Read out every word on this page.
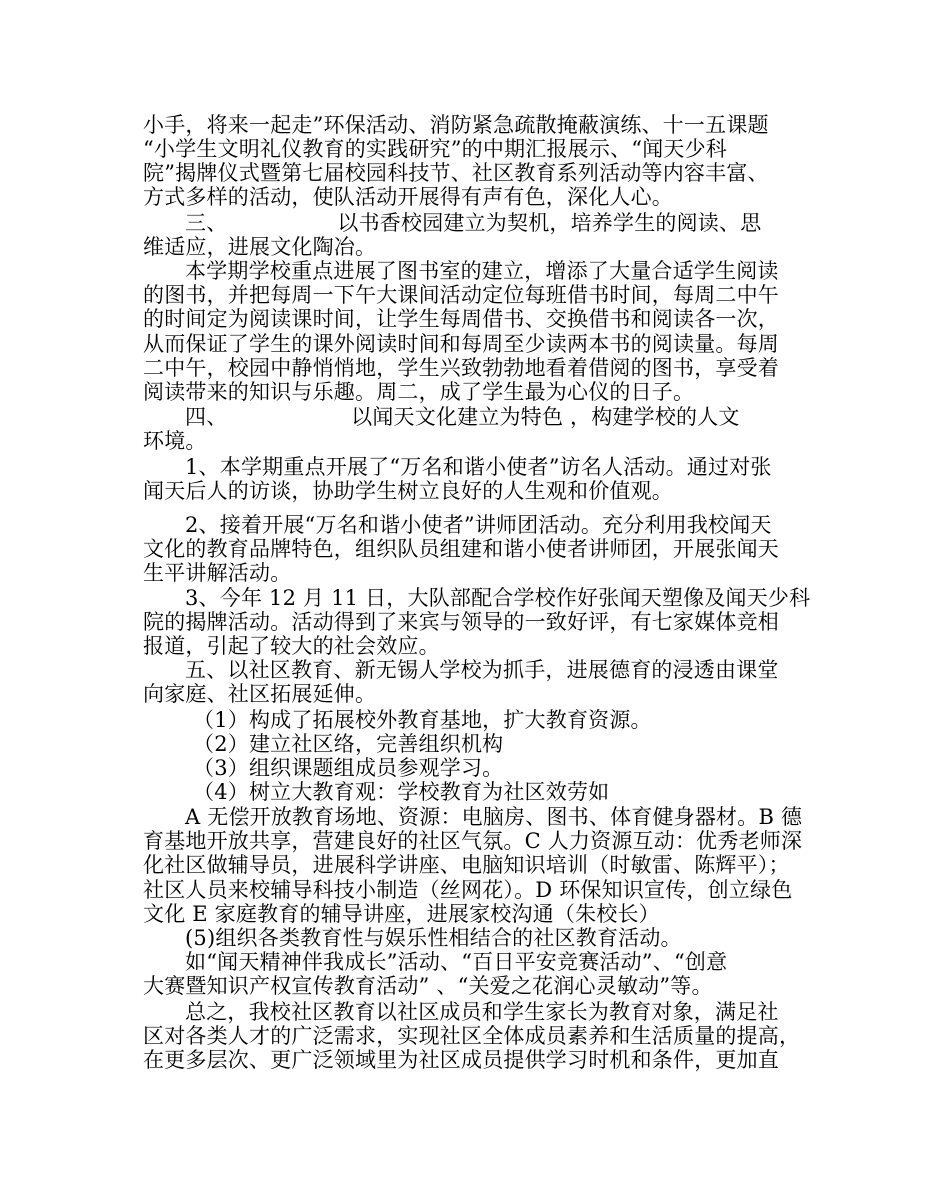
小手，将来一起走”环保活动、消防紧急疏散掩蔽演练、十一五课题
“小学生文明礼仪教育的实践研究”的中期汇报展示、“闻天少科
院”揭牌仪式暨第七届校园科技节、社区教育系列活动等内容丰富、
方式多样的活动，使队活动开展得有声有色，深化人心。
三、                以书香校园建立为契机，培养学生的阅读、思
维适应，进展文化陶冶。
本学期学校重点进展了图书室的建立，增添了大量合适学生阅读
的图书，并把每周一下午大课间活动定位每班借书时间，每周二中午
的时间定为阅读课时间，让学生每周借书、交换借书和阅读各一次，
从而保证了学生的课外阅读时间和每周至少读两本书的阅读量。每周
二中午，校园中静悄悄地，学生兴致勃勃地看着借阅的图书，享受着
阅读带来的知识与乐趣。周二，成了学生最为心仪的日子。
四、                  以闻天文化建立为特色 ，构建学校的人文
环境。
1、本学期重点开展了“万名和谐小使者”访名人活动。通过对张
闻天后人的访谈，协助学生树立良好的人生观和价值观。
2、接着开展“万名和谐小使者”讲师团活动。充分利用我校闻天
文化的教育品牌特色，组织队员组建和谐小使者讲师团，开展张闻天
生平讲解活动。
3、今年 12 月 11 日，大队部配合学校作好张闻天塑像及闻天少科
院的揭牌活动。活动得到了来宾与领导的一致好评，有七家媒体竞相
报道，引起了较大的社会效应。
五、以社区教育、新无锡人学校为抓手，进展德育的浸透由课堂
向家庭、社区拓展延伸。
（1）构成了拓展校外教育基地，扩大教育资源。
（2）建立社区络，完善组织机构
（3）组织课题组成员参观学习。
（4）树立大教育观：学校教育为社区效劳如
A 无偿开放教育场地、资源：电脑房、图书、体育健身器材。B 德
育基地开放共享，营建良好的社区气氛。C 人力资源互动：优秀老师深
化社区做辅导员，进展科学讲座、电脑知识培训（时敏雷、陈辉平）；
社区人员来校辅导科技小制造（丝网花）。D 环保知识宣传，创立绿色
文化 E 家庭教育的辅导讲座，进展家校沟通（朱校长）
(5)组织各类教育性与娱乐性相结合的社区教育活动。
如“闻天精神伴我成长”活动、“百日平安竞赛活动”、“创意
大赛暨知识产权宣传教育活动” 、“关爱之花润心灵敏动”等。
总之，我校社区教育以社区成员和学生家长为教育对象，满足社
区对各类人才的广泛需求，实现社区全体成员素养和生活质量的提高，
在更多层次、更广泛领域里为社区成员提供学习时机和条件，更加直
